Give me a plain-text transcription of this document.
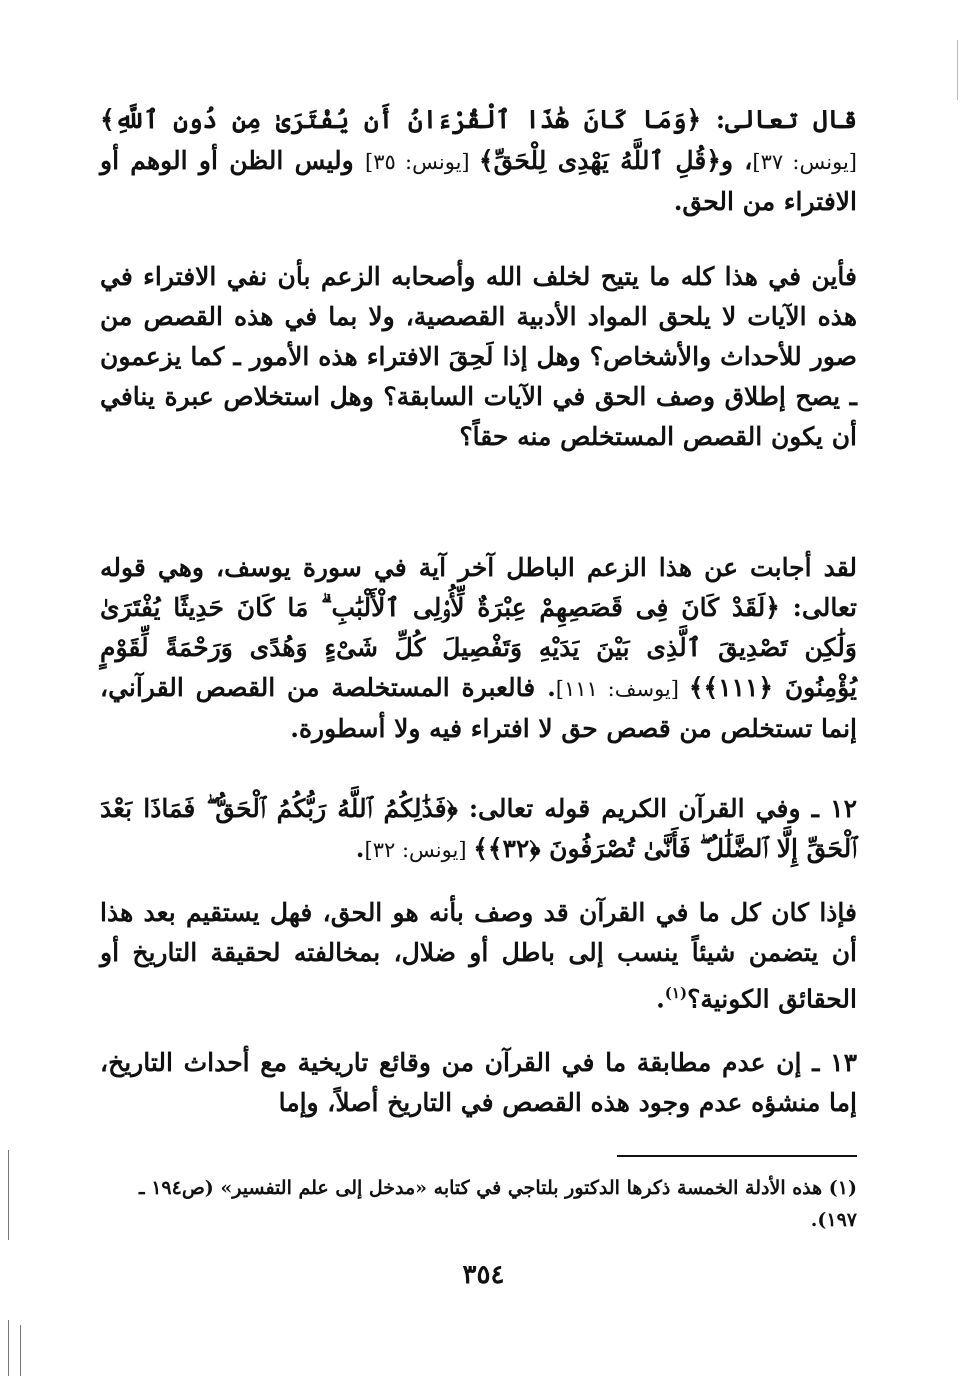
قال تعالى: ﴿وَمَا كَانَ هَٰذَا ٱلْقُرْءَانُ أَن يُفْتَرَىٰ مِن دُونِ ٱللَّهِ﴾ [يونس: ٣٧]، و﴿قُلِ ٱللَّهُ يَهْدِى لِلْحَقِّ﴾ [يونس: ٣٥] وليس الظن أو الوهم أو الافتراء من الحق.

فأين في هذا كله ما يتيح لخلف الله وأصحابه الزعم بأن نفي الافتراء في هذه الآيات لا يلحق المواد الأدبية القصصية، ولا بما في هذه القصص من صور للأحداث والأشخاص؟ وهل إذا لَحِقَ الافتراء هذه الأمور ـ كما يزعمون ـ يصح إطلاق وصف الحق في الآيات السابقة؟ وهل استخلاص عبرة ينافي أن يكون القصص المستخلص منه حقاً؟

لقد أجابت عن هذا الزعم الباطل آخر آية في سورة يوسف، وهي قوله تعالى: ﴿لَقَدْ كَانَ فِى قَصَصِهِمْ عِبْرَةٌ لِّأُو۟لِى ٱلْأَلْبَٰبِ ۗ مَا كَانَ حَدِيثًا يُفْتَرَىٰ وَلَٰكِن تَصْدِيقَ ٱلَّذِى بَيْنَ يَدَيْهِ وَتَفْصِيلَ كُلِّ شَىْءٍ وَهُدًى وَرَحْمَةً لِّقَوْمٍ يُؤْمِنُونَ ﴿١١١﴾﴾ [يوسف: ١١١]. فالعبرة المستخلصة من القصص القرآني، إنما تستخلص من قصص حق لا افتراء فيه ولا أسطورة.

١٢ ـ وفي القرآن الكريم قوله تعالى: ﴿فَذَٰلِكُمُ ٱللَّهُ رَبُّكُمُ ٱلْحَقُّ ۖ فَمَاذَا بَعْدَ ٱلْحَقِّ إِلَّا ٱلضَّلَٰلُ ۖ فَأَنَّىٰ تُصْرَفُونَ ﴿٣٢﴾﴾ [يونس: ٣٢].

فإذا كان كل ما في القرآن قد وصف بأنه هو الحق، فهل يستقيم بعد هذا أن يتضمن شيئاً ينسب إلى باطل أو ضلال، بمخالفته لحقيقة التاريخ أو الحقائق الكونية؟$^{(١)}$.

١٣ ـ إن عدم مطابقة ما في القرآن من وقائع تاريخية مع أحداث التاريخ، إما منشؤه عدم وجود هذه القصص في التاريخ أصلاً، وإما

(١) هذه الأدلة الخمسة ذكرها الدكتور بلتاجي في كتابه «مدخل إلى علم التفسير» (ص١٩٤ ـ ١٩٧).
٣٥٤
